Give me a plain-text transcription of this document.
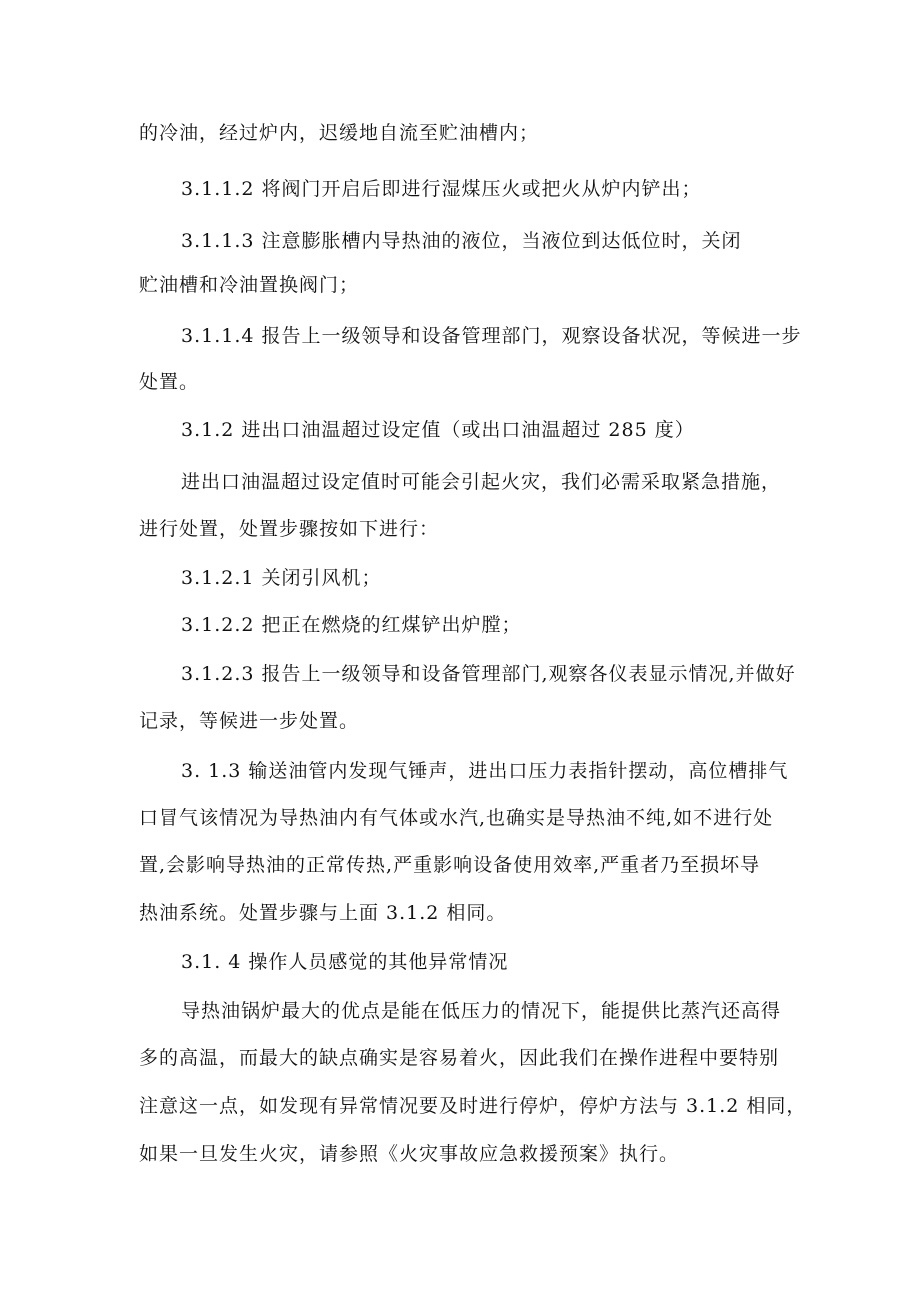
的冷油，经过炉内，迟缓地自流至贮油槽内；
3.1.1.2 将阀门开启后即进行湿煤压火或把火从炉内铲出；
3.1.1.3 注意膨胀槽内导热油的液位，当液位到达低位时，关闭
贮油槽和冷油置换阀门；
3.1.1.4 报告上一级领导和设备管理部门，观察设备状况，等候进一步
处置。
3.1.2 进出口油温超过设定值（或出口油温超过 285 度）
进出口油温超过设定值时可能会引起火灾，我们必需采取紧急措施，
进行处置，处置步骤按如下进行：
3.1.2.1 关闭引风机；
3.1.2.2 把正在燃烧的红煤铲出炉膛；
3.1.2.3 报告上一级领导和设备管理部门,观察各仪表显示情况,并做好
记录，等候进一步处置。
3. 1.3 输送油管内发现气锤声，进出口压力表指针摆动，高位槽排气
口冒气该情况为导热油内有气体或水汽,也确实是导热油不纯,如不进行处
置,会影响导热油的正常传热,严重影响设备使用效率,严重者乃至损坏导
热油系统。处置步骤与上面 3.1.2 相同。
3.1. 4 操作人员感觉的其他异常情况
导热油锅炉最大的优点是能在低压力的情况下，能提供比蒸汽还高得
多的高温，而最大的缺点确实是容易着火，因此我们在操作进程中要特别
注意这一点，如发现有异常情况要及时进行停炉，停炉方法与 3.1.2 相同，
如果一旦发生火灾，请参照《火灾事故应急救援预案》执行。
